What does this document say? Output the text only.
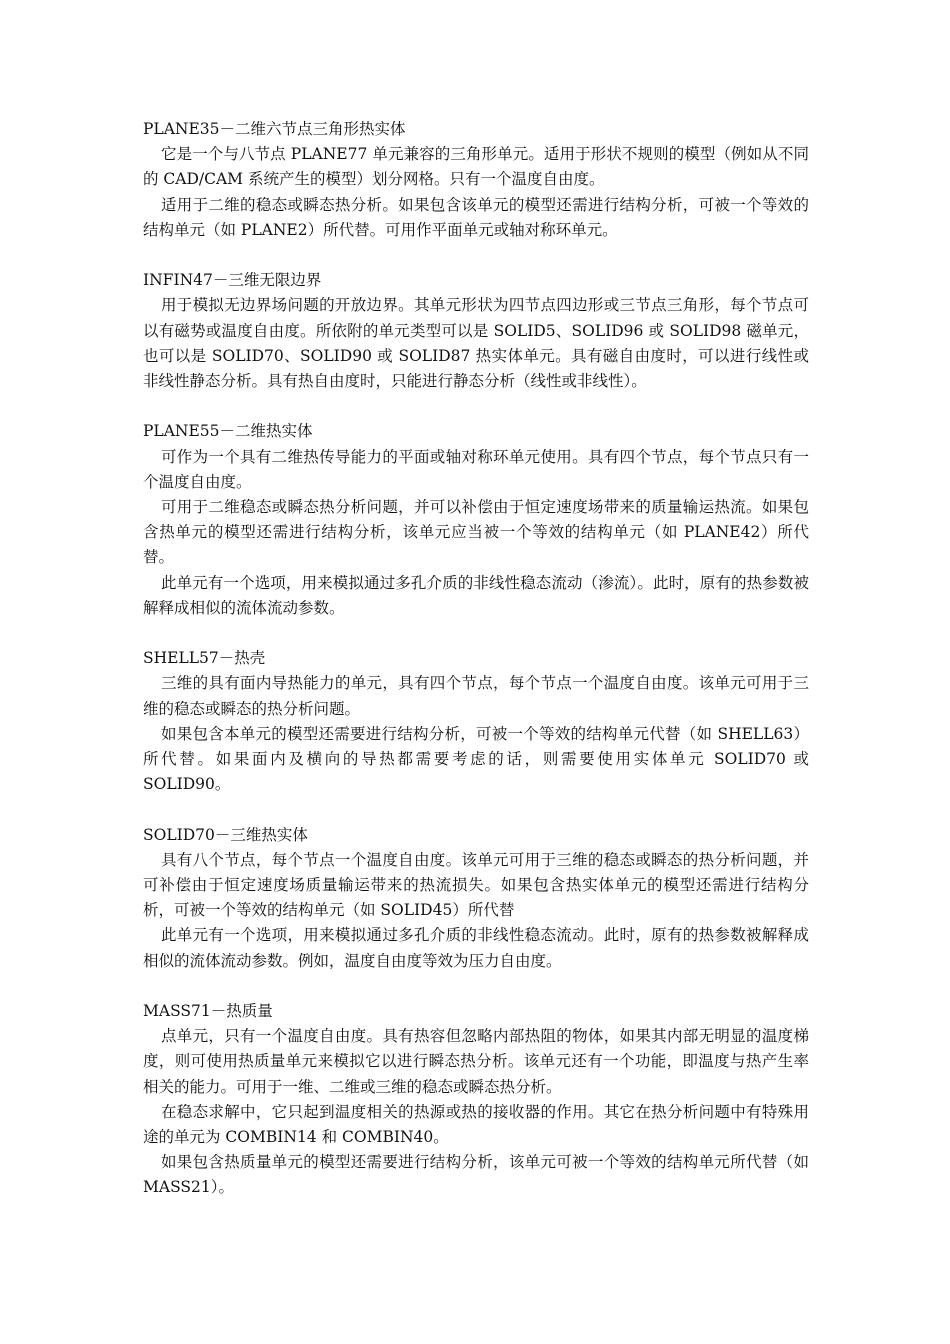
PLANE35－二维六节点三角形热实体

它是一个与八节点 PLANE77 单元兼容的三角形单元。适用于形状不规则的模型（例如从不同的 CAD/CAM 系统产生的模型）划分网格。只有一个温度自由度。

适用于二维的稳态或瞬态热分析。如果包含该单元的模型还需进行结构分析，可被一个等效的结构单元（如 PLANE2）所代替。可用作平面单元或轴对称环单元。

INFIN47－三维无限边界

用于模拟无边界场问题的开放边界。其单元形状为四节点四边形或三节点三角形，每个节点可以有磁势或温度自由度。所依附的单元类型可以是 SOLID5、SOLID96 或 SOLID98 磁单元，也可以是 SOLID70、SOLID90 或 SOLID87 热实体单元。具有磁自由度时，可以进行线性或非线性静态分析。具有热自由度时，只能进行静态分析（线性或非线性）。

PLANE55－二维热实体

可作为一个具有二维热传导能力的平面或轴对称环单元使用。具有四个节点，每个节点只有一个温度自由度。

可用于二维稳态或瞬态热分析问题，并可以补偿由于恒定速度场带来的质量输运热流。如果包含热单元的模型还需进行结构分析，该单元应当被一个等效的结构单元（如 PLANE42）所代替。

此单元有一个选项，用来模拟通过多孔介质的非线性稳态流动（渗流）。此时，原有的热参数被解释成相似的流体流动参数。

SHELL57－热壳

三维的具有面内导热能力的单元，具有四个节点，每个节点一个温度自由度。该单元可用于三维的稳态或瞬态的热分析问题。

如果包含本单元的模型还需要进行结构分析，可被一个等效的结构单元代替（如 SHELL63）所代替。如果面内及横向的导热都需要考虑的话，则需要使用实体单元 SOLID70 或 SOLID90。

SOLID70－三维热实体

具有八个节点，每个节点一个温度自由度。该单元可用于三维的稳态或瞬态的热分析问题，并可补偿由于恒定速度场质量输运带来的热流损失。如果包含热实体单元的模型还需进行结构分析，可被一个等效的结构单元（如 SOLID45）所代替

此单元有一个选项，用来模拟通过多孔介质的非线性稳态流动。此时，原有的热参数被解释成相似的流体流动参数。例如，温度自由度等效为压力自由度。

MASS71－热质量

点单元，只有一个温度自由度。具有热容但忽略内部热阻的物体，如果其内部无明显的温度梯度，则可使用热质量单元来模拟它以进行瞬态热分析。该单元还有一个功能，即温度与热产生率相关的能力。可用于一维、二维或三维的稳态或瞬态热分析。

在稳态求解中，它只起到温度相关的热源或热的接收器的作用。其它在热分析问题中有特殊用途的单元为 COMBIN14 和 COMBIN40。

如果包含热质量单元的模型还需要进行结构分析，该单元可被一个等效的结构单元所代替（如 MASS21）。
